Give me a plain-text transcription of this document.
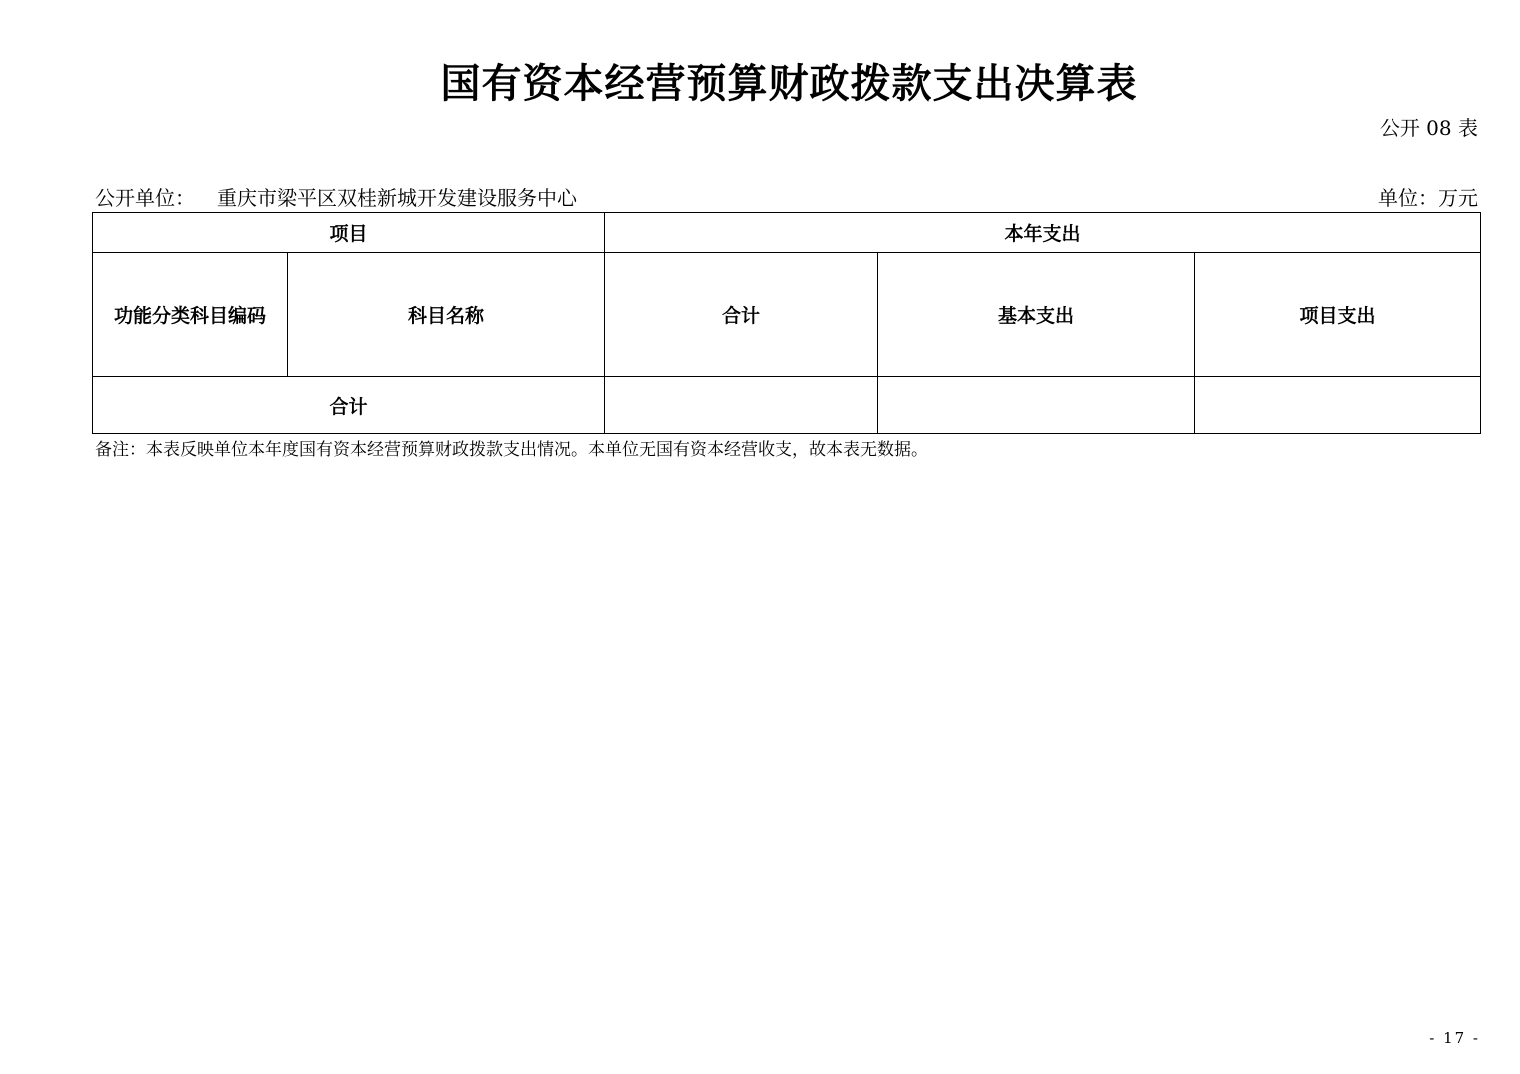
国有资本经营预算财政拨款支出决算表
公开 08 表
公开单位： 重庆市梁平区双桂新城开发建设服务中心	单位：万元
项目		本年支出		
功能分类科目编码	科目名称	合计	基本支出	项目支出
合计				
备注：本表反映单位本年度国有资本经营预算财政拨款支出情况。本单位无国有资本经营收支，故本表无数据。
- 17 -
